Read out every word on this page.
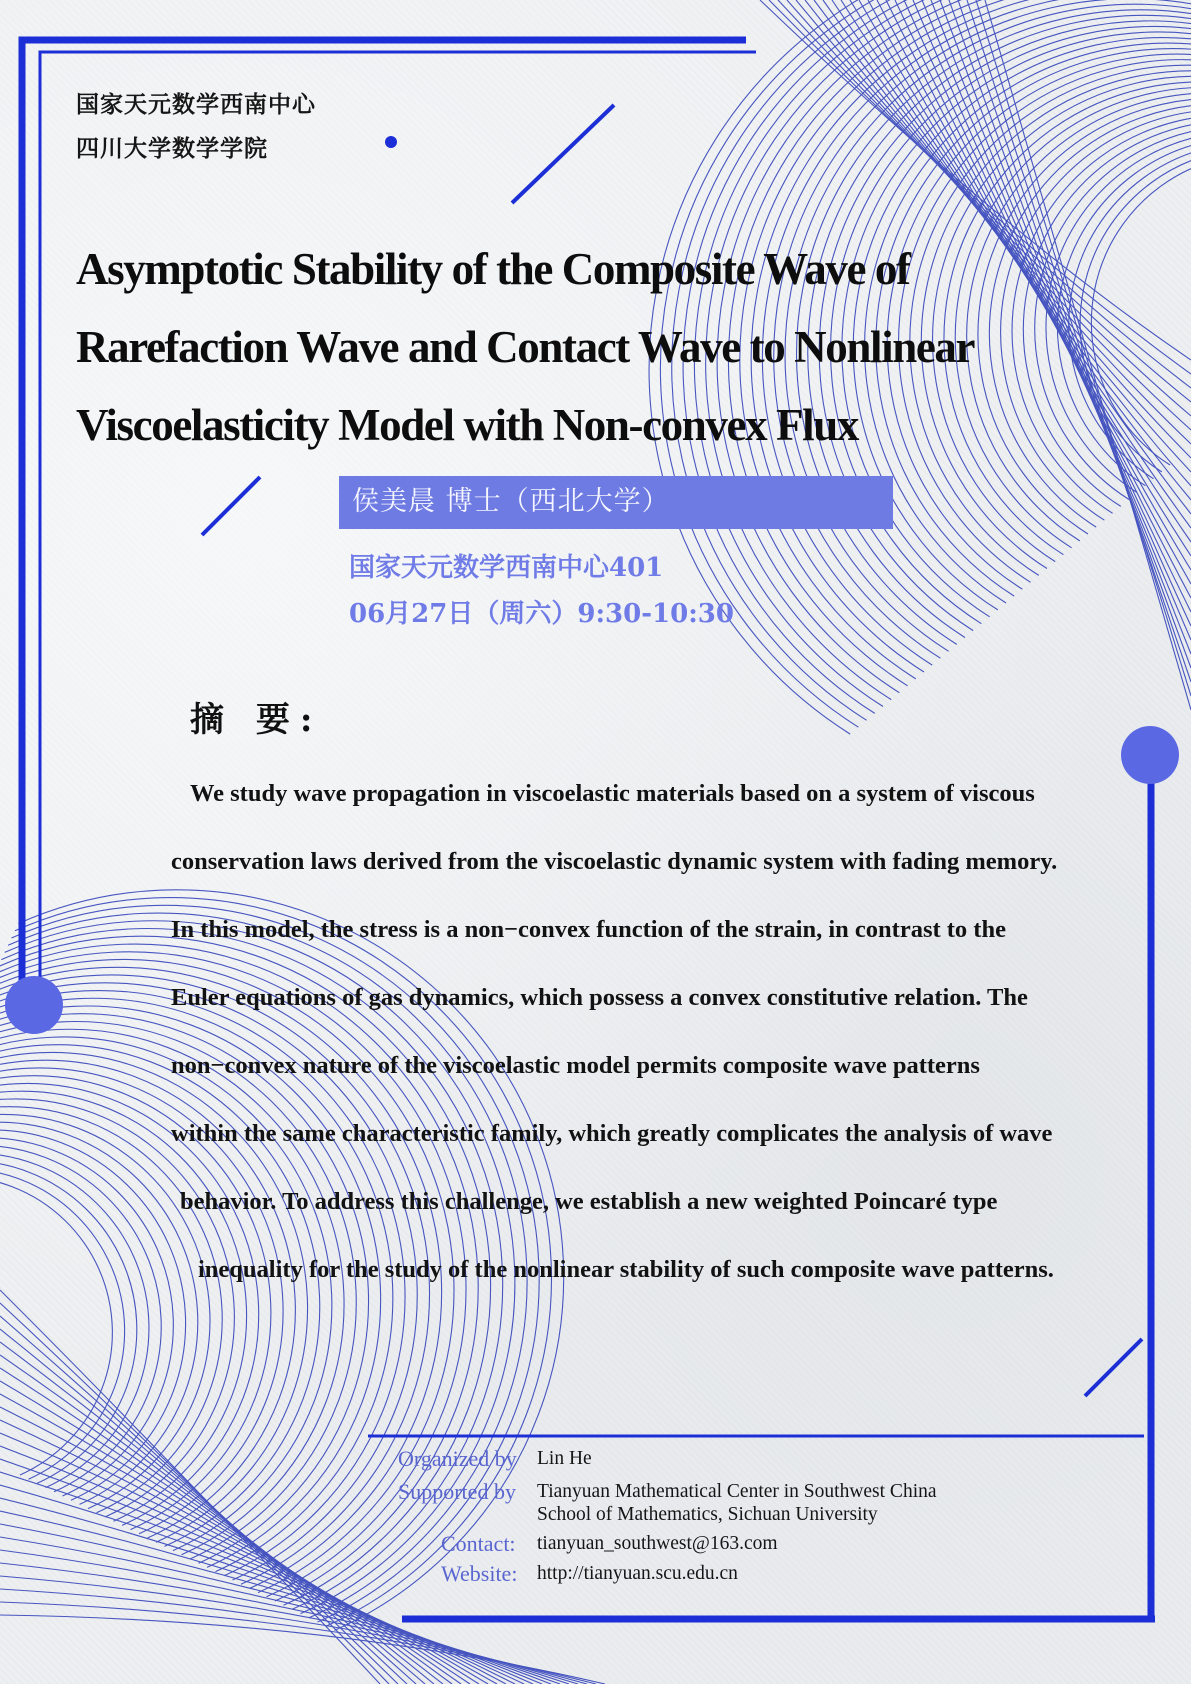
国家天元数学西南中心
四川大学数学学院
Asymptotic Stability of the Composite Wave of
Rarefaction Wave and Contact Wave to Nonlinear
Viscoelasticity Model with Non-convex Flux
侯美晨 博士（西北大学）
国家天元数学西南中心401
06月27日（周六）9:30-10:30
摘 要:
We study wave propagation in viscoelastic materials based on a system of viscous
conservation laws derived from the viscoelastic dynamic system with fading memory.
In this model, the stress is a non−convex function of the strain, in contrast to the
Euler equations of gas dynamics, which possess a convex constitutive relation. The
non−convex nature of the viscoelastic model permits composite wave patterns
within the same characteristic family, which greatly complicates the analysis of wave
behavior. To address this challenge, we establish a new weighted Poincaré type
inequality for the study of the nonlinear stability of such composite wave patterns.
Organized by Lin He
Supported by Tianyuan Mathematical Center in Southwest China
School of Mathematics, Sichuan University
Contact: tianyuan_southwest@163.com
Website: http://tianyuan.scu.edu.cn
